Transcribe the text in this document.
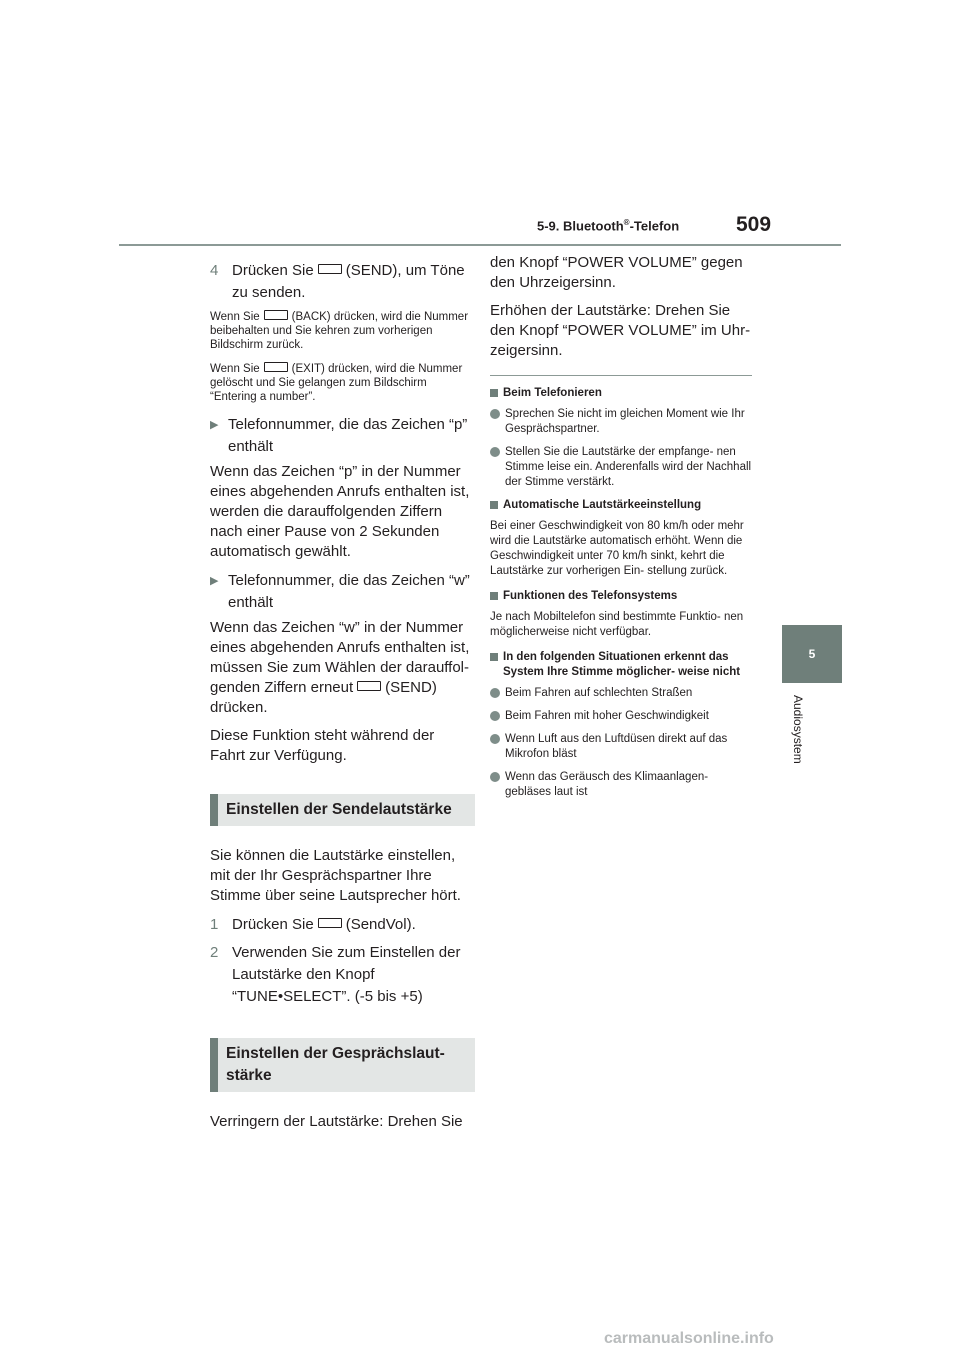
5-9. Bluetooth®-Telefon	509
5
Audiosystem
4 Drücken Sie (SEND), um Töne zu senden.

Wenn Sie	(BACK) drücken, wird die Nummer beibehalten und Sie kehren zum vorherigen Bildschirm zurück.

Wenn Sie	(EXIT) drücken, wird die Nummer gelöscht und Sie gelangen zum Bildschirm “Entering a number”.

▶ Telefonnummer, die das Zeichen “p” enthält

Wenn das Zeichen “p” in der Nummer eines abgehenden Anrufs enthalten ist, werden die darauffolgenden Ziffern nach einer Pause von 2 Sekunden automatisch gewählt.

▶ Telefonnummer, die das Zeichen “w” enthält

Wenn das Zeichen “w” in der Nummer eines abgehenden Anrufs enthalten ist, müssen Sie zum Wählen der darauffol- genden Ziffern erneut (SEND) drücken.

Diese Funktion steht während der Fahrt zur Verfügung.

Einstellen der Sendelautstärke

Sie können die Lautstärke einstellen, mit der Ihr Gesprächspartner Ihre Stimme über seine Lautsprecher hört.

1 Drücken Sie (SendVol).
2 Verwenden Sie zum Einstellen der Lautstärke den Knopf “TUNE•SELECT”. (-5 bis +5)
Einstellen der Gesprächslaut- stärke

Verringern der Lautstärke: Drehen Sie

den Knopf “POWER VOLUME” gegen den Uhrzeigersinn.

Erhöhen der Lautstärke: Drehen Sie den Knopf “POWER VOLUME” im Uhr- zeigersinn.

Beim Telefonieren
Sprechen Sie nicht im gleichen Moment wie Ihr Gesprächspartner.
Stellen Sie die Lautstärke der empfange- nen Stimme leise ein. Anderenfalls wird der Nachhall der Stimme verstärkt.
Automatische Lautstärkeeinstellung

Bei einer Geschwindigkeit von 80 km/h oder mehr wird die Lautstärke automatisch erhöht. Wenn die Geschwindigkeit unter 70 km/h sinkt, kehrt die Lautstärke zur vorherigen Ein- stellung zurück.

Funktionen des Telefonsystems

Je nach Mobiltelefon sind bestimmte Funktio- nen möglicherweise nicht verfügbar.

In den folgenden Situationen erkennt das System Ihre Stimme möglicher- weise nicht
Beim Fahren auf schlechten Straßen
Beim Fahren mit hoher Geschwindigkeit
Wenn Luft aus den Luftdüsen direkt auf das Mikrofon bläst
Wenn das Geräusch des Klimaanlagen- gebläses laut ist
carmanualsonline.info
